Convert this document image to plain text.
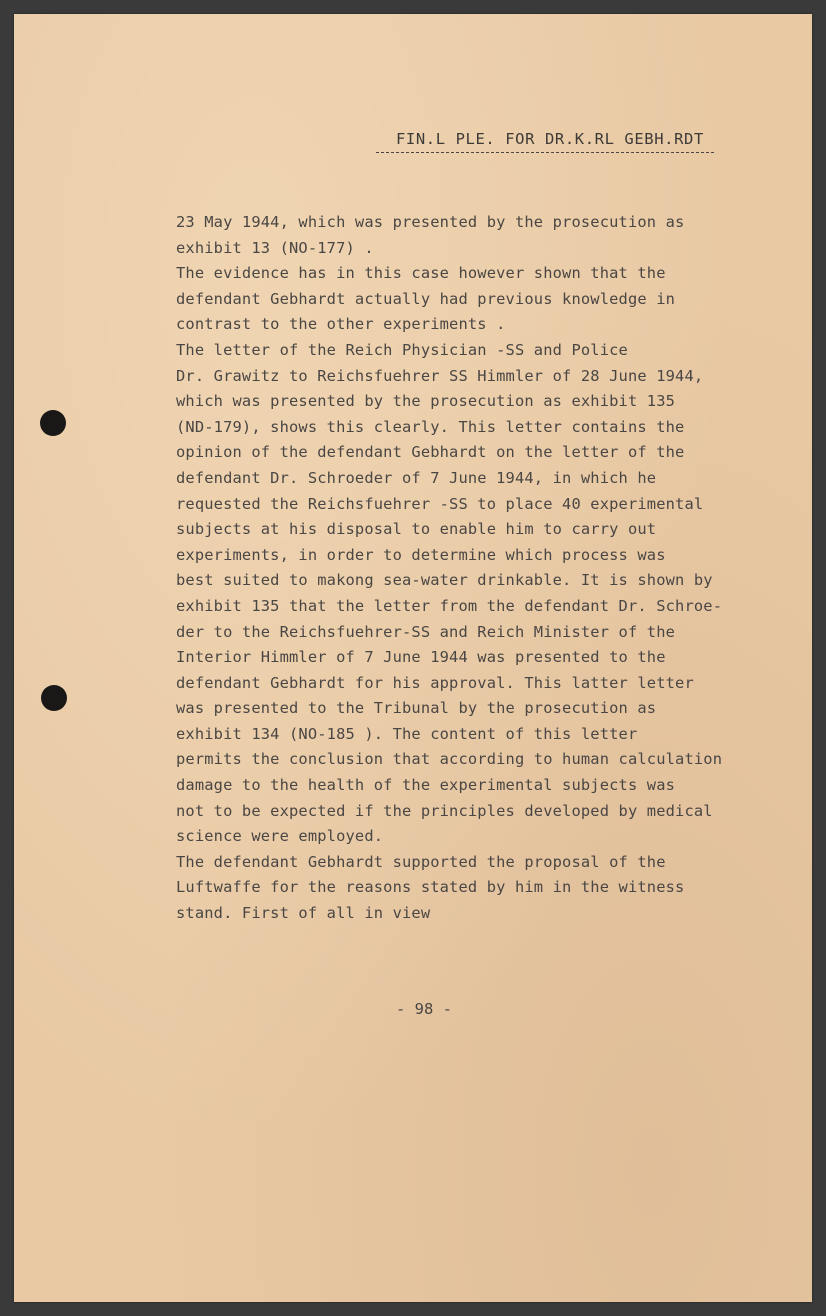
FIN.L PLE. FOR DR.K.RL GEBH.RDT
23 May 1944, which was presented by the prosecution as
exhibit 13 (NO-177) .
The evidence has in this case however shown that the
defendant Gebhardt actually had previous knowledge in
contrast to the other experiments .
The letter of the Reich Physician -SS and Police
Dr. Grawitz to Reichsfuehrer SS Himmler of 28 June 1944,
which was presented by the prosecution as exhibit 135
(ND-179), shows this clearly. This letter contains the
opinion of the defendant Gebhardt on the letter of the
defendant Dr. Schroeder of 7 June 1944, in which he
requested the Reichsfuehrer -SS to place 40 experimental
subjects at his disposal to enable him to carry out
experiments, in order to determine which process was
best suited to makong sea-water drinkable. It is shown by
exhibit 135 that the letter from the defendant Dr. Schroe-
der to the Reichsfuehrer-SS and Reich Minister of the
Interior Himmler of 7 June 1944 was presented to the
defendant Gebhardt for his approval. This latter letter
was presented to the Tribunal by the prosecution as
exhibit 134 (NO-185 ). The content of this letter
permits the conclusion that according to human calculation
damage to the health of the experimental subjects was
not to be expected if the principles developed by medical
science were employed.
The defendant Gebhardt supported the proposal of the
Luftwaffe for the reasons stated by him in the witness
stand. First of all in view
- 98 -
